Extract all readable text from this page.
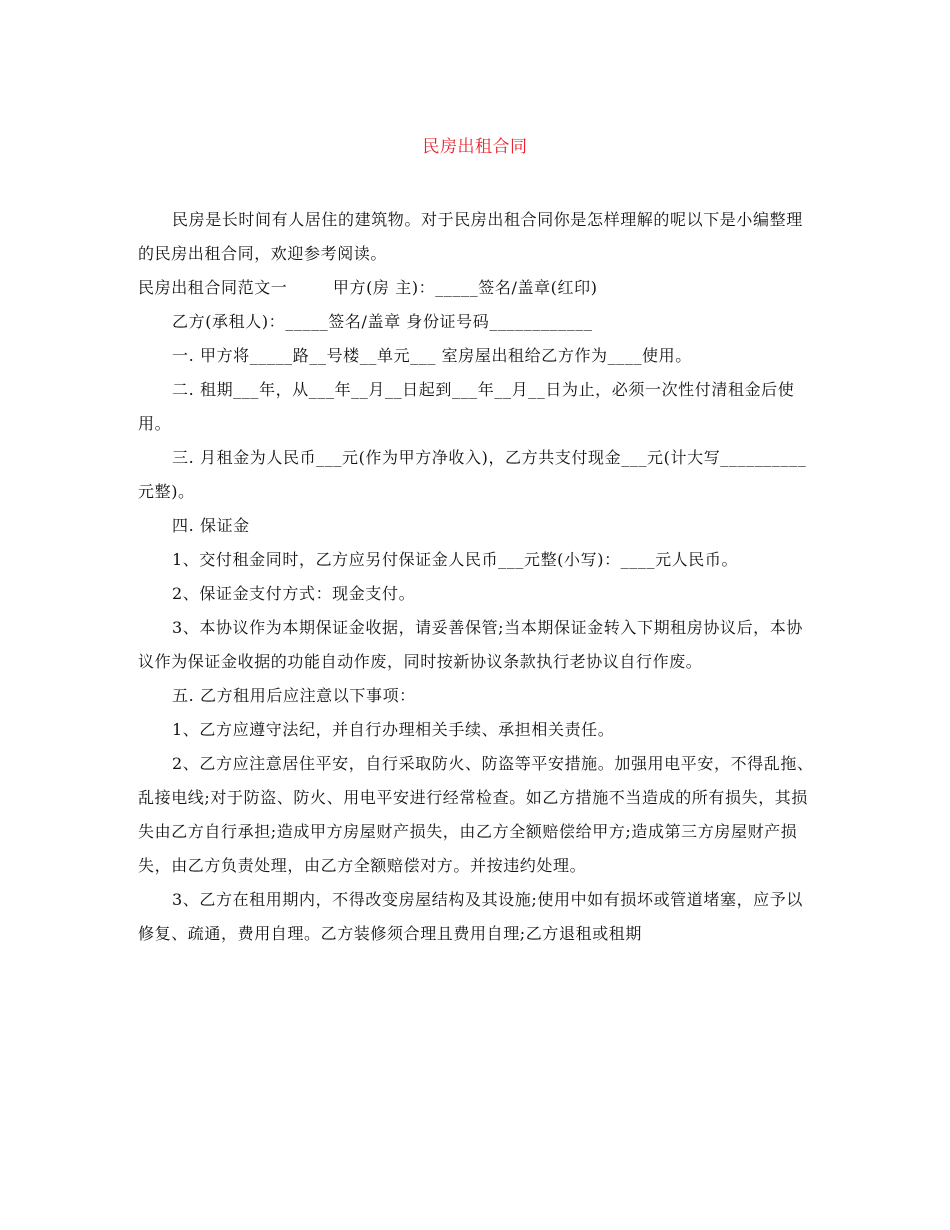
民房出租合同

民房是长时间有人居住的建筑物。对于民房出租合同你是怎样理解的呢以下是小编整理的民房出租合同，欢迎参考阅读。

民房出租合同范文一        甲方(房 主)：_____签名/盖章(红印)

乙方(承租人)：_____签名/盖章 身份证号码____________

一. 甲方将_____路__号楼__单元___ 室房屋出租给乙方作为____使用。

二. 租期___年，从___年__月__日起到___年__月__日为止，必须一次性付清租金后使用。

三. 月租金为人民币___元(作为甲方净收入)，乙方共支付现金___元(计大写__________元整)。

四. 保证金

1、交付租金同时，乙方应另付保证金人民币___元整(小写)：____元人民币。

2、保证金支付方式：现金支付。

3、本协议作为本期保证金收据，请妥善保管;当本期保证金转入下期租房协议后，本协议作为保证金收据的功能自动作废，同时按新协议条款执行老协议自行作废。

五. 乙方租用后应注意以下事项：

1、乙方应遵守法纪，并自行办理相关手续、承担相关责任。

2、乙方应注意居住平安，自行采取防火、防盗等平安措施。加强用电平安，不得乱拖、乱接电线;对于防盗、防火、用电平安进行经常检查。如乙方措施不当造成的所有损失，其损失由乙方自行承担;造成甲方房屋财产损失，由乙方全额赔偿给甲方;造成第三方房屋财产损失，由乙方负责处理，由乙方全额赔偿对方。并按违约处理。

3、乙方在租用期内，不得改变房屋结构及其设施;使用中如有损坏或管道堵塞，应予以修复、疏通，费用自理。乙方装修须合理且费用自理;乙方退租或租期
